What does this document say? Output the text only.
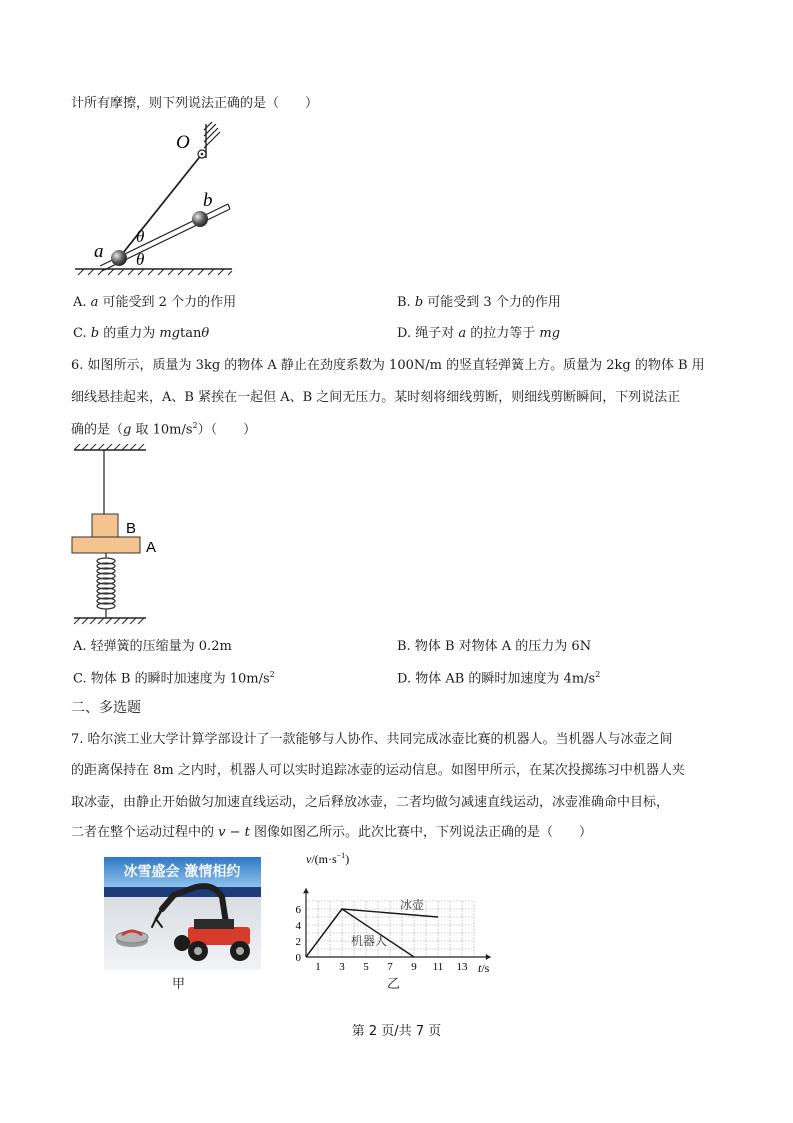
计所有摩擦，则下列说法正确的是（　　）
O
b
a
θ
θ
A. a 可能受到 2 个力的作用	B. b 可能受到 3 个力的作用
C. b 的重力为 mgtanθ	D. 绳子对 a 的拉力等于 mg
6. 如图所示，质量为 3kg 的物体 A 静止在劲度系数为 100N/m 的竖直轻弹簧上方。质量为 2kg 的物体 B 用
细线悬挂起来，A、B 紧挨在一起但 A、B 之间无压力。某时刻将细线剪断，则细线剪断瞬间，下列说法正
确的是（g 取 $10m/s^2$）（　　）
B
A
A. 轻弹簧的压缩量为 0.2m	B. 物体 B 对物体 A 的压力为 6N
C. 物体 B 的瞬时加速度为 $10m/s^2$	D. 物体 AB 的瞬时加速度为 $4m/s^2$
二、多选题
7. 哈尔滨工业大学计算学部设计了一款能够与人协作、共同完成冰壶比赛的机器人。当机器人与冰壶之间
的距离保持在 8m 之内时，机器人可以实时追踪冰壶的运动信息。如图甲所示，在某次投掷练习中机器人夹
取冰壶，由静止开始做匀加速直线运动，之后释放冰壶，二者均做匀减速直线运动，冰壶准确命中目标，
二者在整个运动过程中的 v − t 图像如图乙所示。此次比赛中，下列说法正确的是（　　）
冰雪盛会 激情相约
甲
1 3 5 7 9 11 13
0
2
4
6
$v/(m\cdot s^{-1})$
t/s
冰壶
机器人
乙
第 2 页/共 7 页
